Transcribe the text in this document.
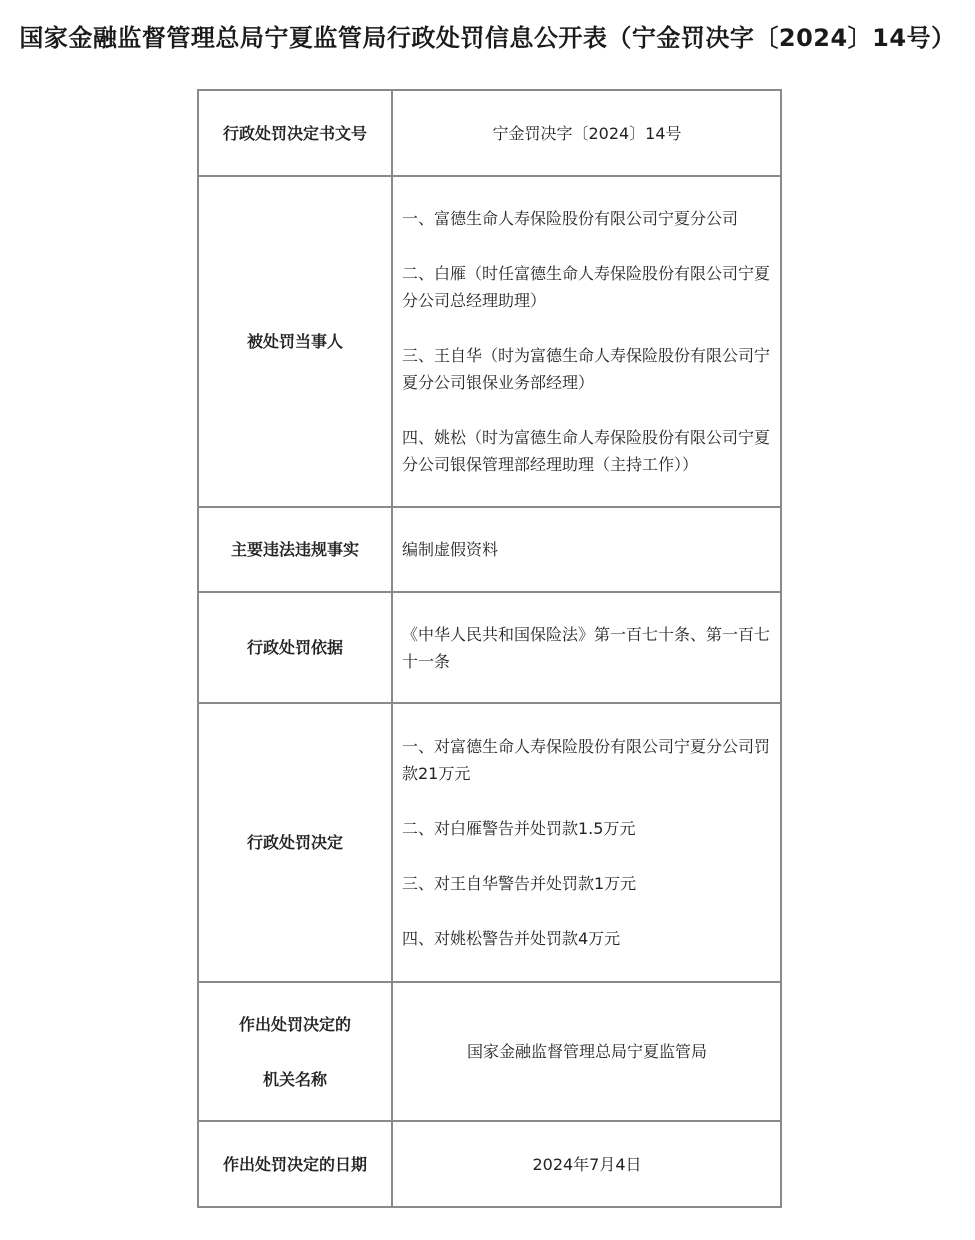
国家金融监督管理总局宁夏监管局行政处罚信息公开表（宁金罚决字〔2024〕14号）
行政处罚决定书文号	宁金罚决字〔2024〕14号
被处罚当事人	一、富德生命人寿保险股份有限公司宁夏分公司

二、白雁（时任富德生命人寿保险股份有限公司宁夏分公司总经理助理）

三、王自华（时为富德生命人寿保险股份有限公司宁夏分公司银保业务部经理）

四、姚松（时为富德生命人寿保险股份有限公司宁夏分公司银保管理部经理助理（主持工作））

主要违法违规事实	编制虚假资料
行政处罚依据	《中华人民共和国保险法》第一百七十条、第一百七十一条
行政处罚决定	一、对富德生命人寿保险股份有限公司宁夏分公司罚款21万元

二、对白雁警告并处罚款1.5万元

三、对王自华警告并处罚款1万元

四、对姚松警告并处罚款4万元

作出处罚决定的
机关名称	国家金融监督管理总局宁夏监管局
作出处罚决定的日期	2024年7月4日
